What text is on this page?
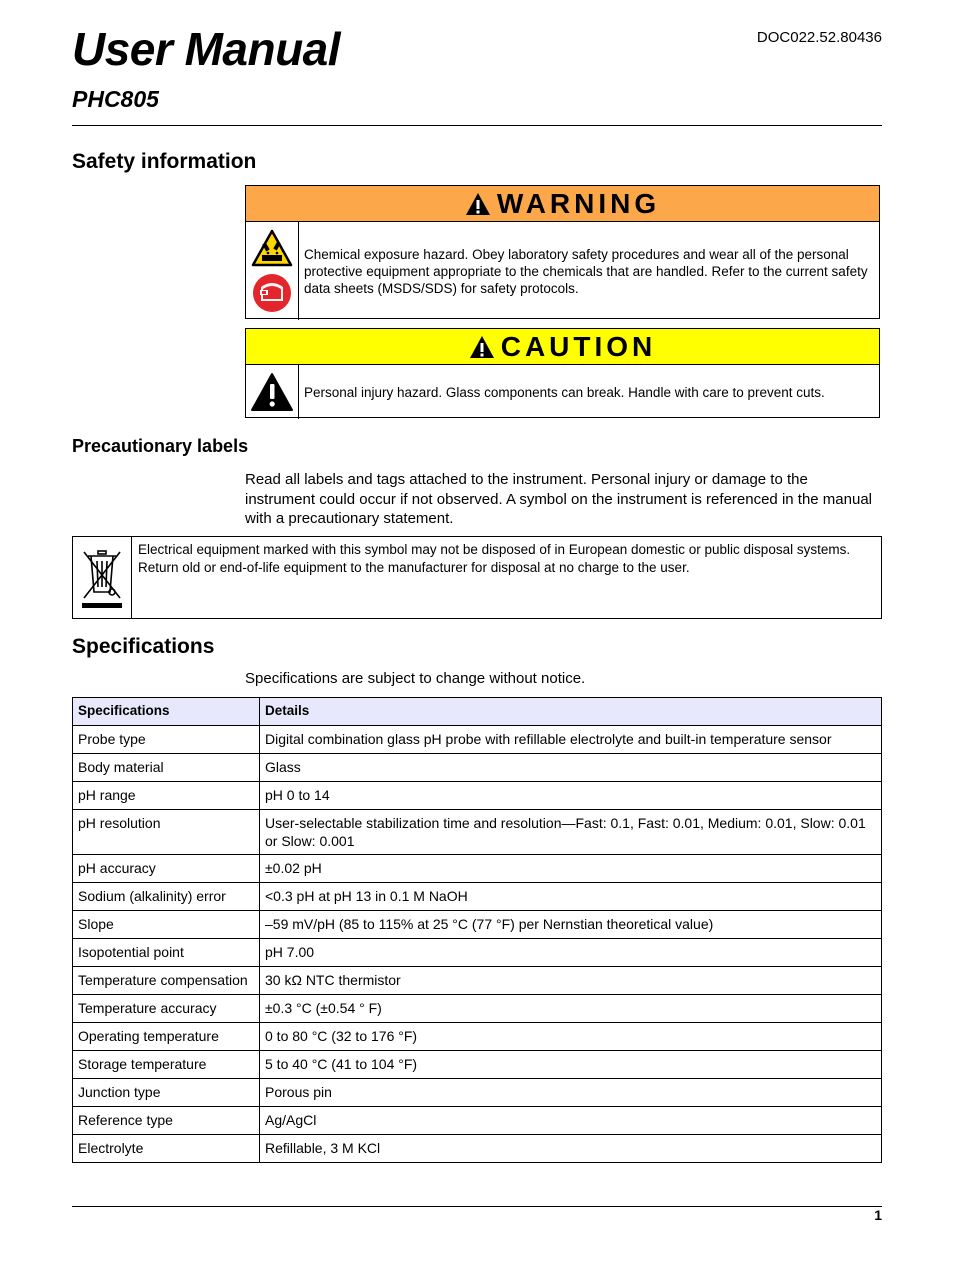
User Manual	DOC022.52.80436
PHC805
Safety information
WARNING
Chemical exposure hazard. Obey laboratory safety procedures and wear all of the personal protective equipment appropriate to the chemicals that are handled. Refer to the current safety data sheets (MSDS/SDS) for safety protocols.
CAUTION
Personal injury hazard. Glass components can break. Handle with care to prevent cuts.
Precautionary labels
Read all labels and tags attached to the instrument. Personal injury or damage to the instrument could occur if not observed. A symbol on the instrument is referenced in the manual with a precautionary statement.
Electrical equipment marked with this symbol may not be disposed of in European domestic or public disposal systems. Return old or end-of-life equipment to the manufacturer for disposal at no charge to the user.
Specifications
Specifications are subject to change without notice.
Specifications	Details
Probe type	Digital combination glass pH probe with refillable electrolyte and built-in temperature sensor
Body material	Glass
pH range	pH 0 to 14
pH resolution	User-selectable stabilization time and resolution—Fast: 0.1, Fast: 0.01, Medium: 0.01, Slow: 0.01 or Slow: 0.001
pH accuracy	±0.02 pH
Sodium (alkalinity) error	<0.3 pH at pH 13 in 0.1 M NaOH
Slope	–59 mV/pH (85 to 115% at 25 °C (77 °F) per Nernstian theoretical value)
Isopotential point	pH 7.00
Temperature compensation	30 kΩ NTC thermistor
Temperature accuracy	±0.3 °C (±0.54 ° F)
Operating temperature	0 to 80 °C (32 to 176 °F)
Storage temperature	5 to 40 °C (41 to 104 °F)
Junction type	Porous pin
Reference type	Ag/AgCl
Electrolyte	Refillable, 3 M KCl
1
